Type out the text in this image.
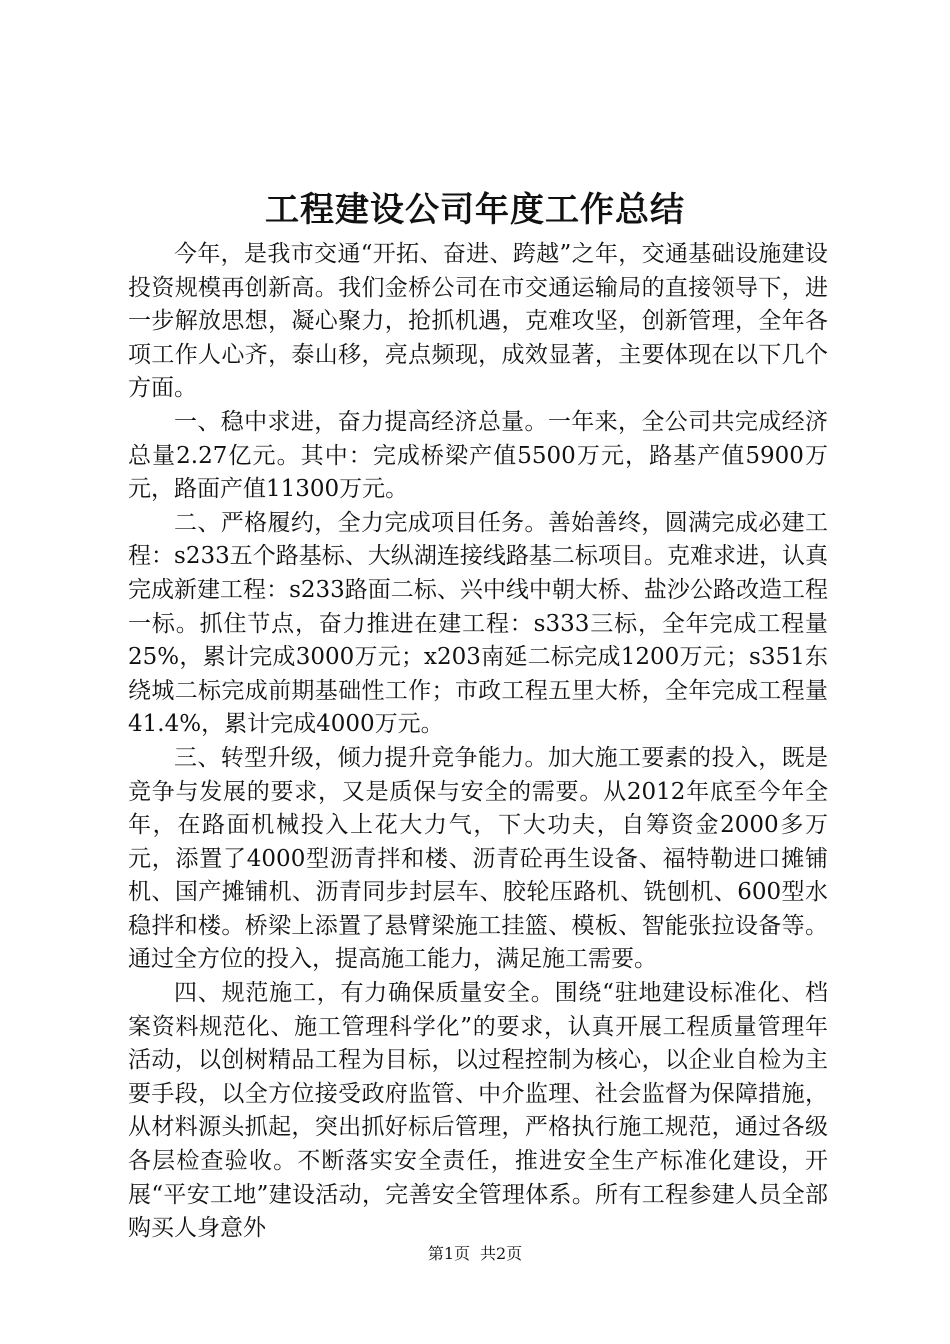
工程建设公司年度工作总结

今年，是我市交通“开拓、奋进、跨越”之年，交通基础设施建设投资规模再创新高。我们金桥公司在市交通运输局的直接领导下，进一步解放思想，凝心聚力，抢抓机遇，克难攻坚，创新管理，全年各项工作人心齐，泰山移，亮点频现，成效显著，主要体现在以下几个方面。

一、稳中求进，奋力提高经济总量。一年来，全公司共完成经济总量2.27亿元。其中：完成桥梁产值5500万元，路基产值5900万元，路面产值11300万元。

二、严格履约，全力完成项目任务。善始善终，圆满完成必建工程：s233五个路基标、大纵湖连接线路基二标项目。克难求进，认真完成新建工程：s233路面二标、兴中线中朝大桥、盐沙公路改造工程一标。抓住节点，奋力推进在建工程：s333三标，全年完成工程量25%，累计完成3000万元；x203南延二标完成1200万元；s351东绕城二标完成前期基础性工作；市政工程五里大桥，全年完成工程量41.4%，累计完成4000万元。

三、转型升级，倾力提升竞争能力。加大施工要素的投入，既是竞争与发展的要求，又是质保与安全的需要。从2012年底至今年全年，在路面机械投入上花大力气，下大功夫，自筹资金2000多万元，添置了4000型沥青拌和楼、沥青砼再生设备、福特勒进口摊铺机、国产摊铺机、沥青同步封层车、胶轮压路机、铣刨机、600型水稳拌和楼。桥梁上添置了悬臂梁施工挂篮、模板、智能张拉设备等。通过全方位的投入，提高施工能力，满足施工需要。

四、规范施工，有力确保质量安全。围绕“驻地建设标准化、档案资料规范化、施工管理科学化”的要求，认真开展工程质量管理年活动，以创树精品工程为目标，以过程控制为核心，以企业自检为主要手段，以全方位接受政府监管、中介监理、社会监督为保障措施，从材料源头抓起，突出抓好标后管理，严格执行施工规范，通过各级各层检查验收。不断落实安全责任，推进安全生产标准化建设，开展“平安工地”建设活动，完善安全管理体系。所有工程参建人员全部购买人身意外

第1页 共2页
